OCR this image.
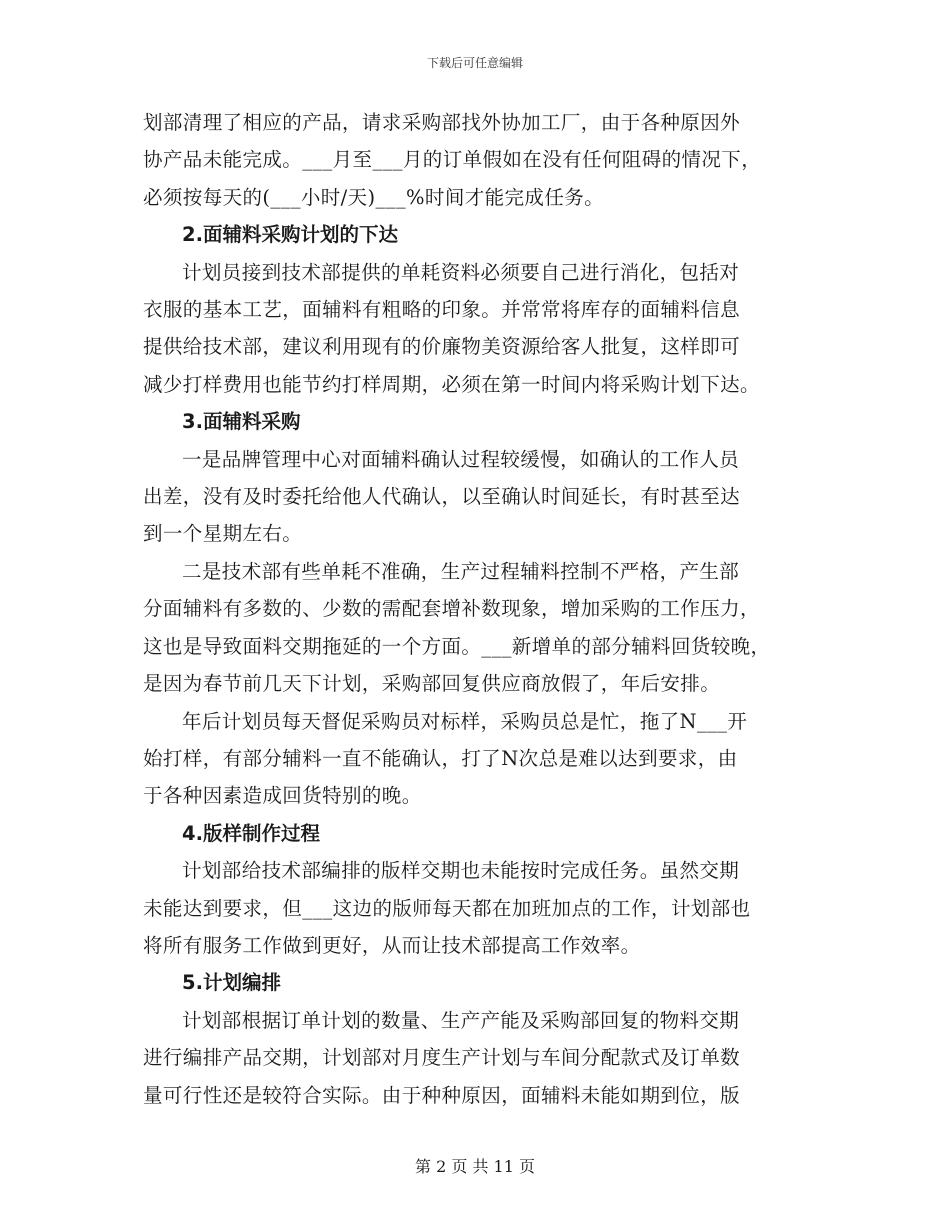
下载后可任意编辑

划部清理了相应的产品，请求采购部找外协加工厂，由于各种原因外
协产品未能完成。___月至___月的订单假如在没有任何阻碍的情况下，
必须按每天的(___小时/天)___%时间才能完成任务。

2.面辅料采购计划的下达

计划员接到技术部提供的单耗资料必须要自己进行消化，包括对
衣服的基本工艺，面辅料有粗略的印象。并常常将库存的面辅料信息
提供给技术部，建议利用现有的价廉物美资源给客人批复，这样即可
减少打样费用也能节约打样周期，必须在第一时间内将采购计划下达。

3.面辅料采购

一是品牌管理中心对面辅料确认过程较缓慢，如确认的工作人员
出差，没有及时委托给他人代确认，以至确认时间延长，有时甚至达
到一个星期左右。

二是技术部有些单耗不准确，生产过程辅料控制不严格，产生部
分面辅料有多数的、少数的需配套增补数现象，增加采购的工作压力，
这也是导致面料交期拖延的一个方面。___新增单的部分辅料回货较晚，
是因为春节前几天下计划，采购部回复供应商放假了，年后安排。

年后计划员每天督促采购员对标样，采购员总是忙，拖了N___开
始打样，有部分辅料一直不能确认，打了N次总是难以达到要求，由
于各种因素造成回货特别的晚。

4.版样制作过程

计划部给技术部编排的版样交期也未能按时完成任务。虽然交期
未能达到要求，但___这边的版师每天都在加班加点的工作，计划部也
将所有服务工作做到更好，从而让技术部提高工作效率。

5.计划编排

计划部根据订单计划的数量、生产产能及采购部回复的物料交期
进行编排产品交期，计划部对月度生产计划与车间分配款式及订单数
量可行性还是较符合实际。由于种种原因，面辅料未能如期到位，版

第 2 页 共 11 页
